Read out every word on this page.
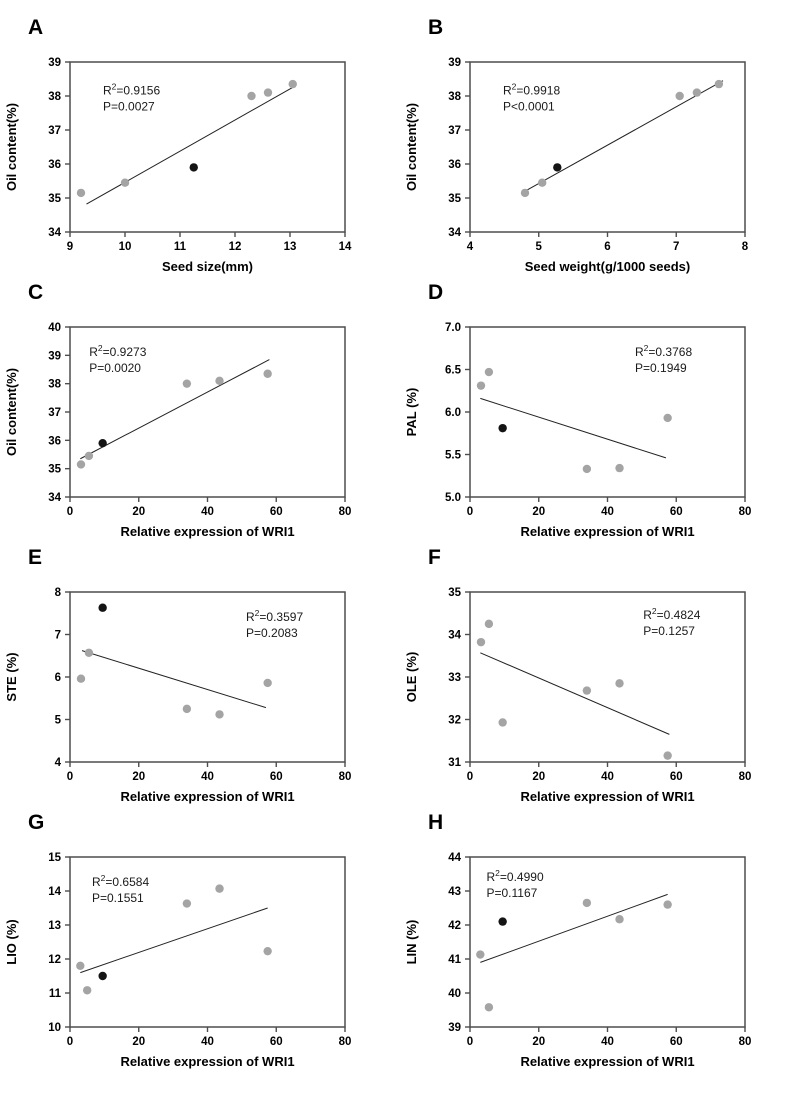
A
9	10	11	12	13	14
34
35
36
37
38
39
$R^2=0.9156$
P=0.0027
Seed size(mm)
Oil content(%)
B
4	5	6	7	8
34
35
36
37
38
39
$R^2=0.9918$
P<0.0001
Seed weight(g/1000 seeds)
Oil content(%)
C
0	20	40	60	80
34
35
36
37
38
39
40
$R^2=0.9273$
P=0.0020
Relative expression of WRI1
Oil content(%)
D
0	20	40	60	80
5.0
5.5
6.0
6.5
7.0
$R^2=0.3768$
P=0.1949
Relative expression of WRI1
PAL (%)
E
0	20	40	60	80
4
5
6
7
8
$R^2=0.3597$
P=0.2083
Relative expression of WRI1
STE (%)
F
0	20	40	60	80
31
32
33
34
35
$R^2=0.4824$
P=0.1257
Relative expression of WRI1
OLE (%)
G
0	20	40	60	80
10
11
12
13
14
15
$R^2=0.6584$
P=0.1551
Relative expression of WRI1
LIO (%)
H
0	20	40	60	80
39
40
41
42
43
44
$R^2=0.4990$
P=0.1167
Relative expression of WRI1
LIN (%)
